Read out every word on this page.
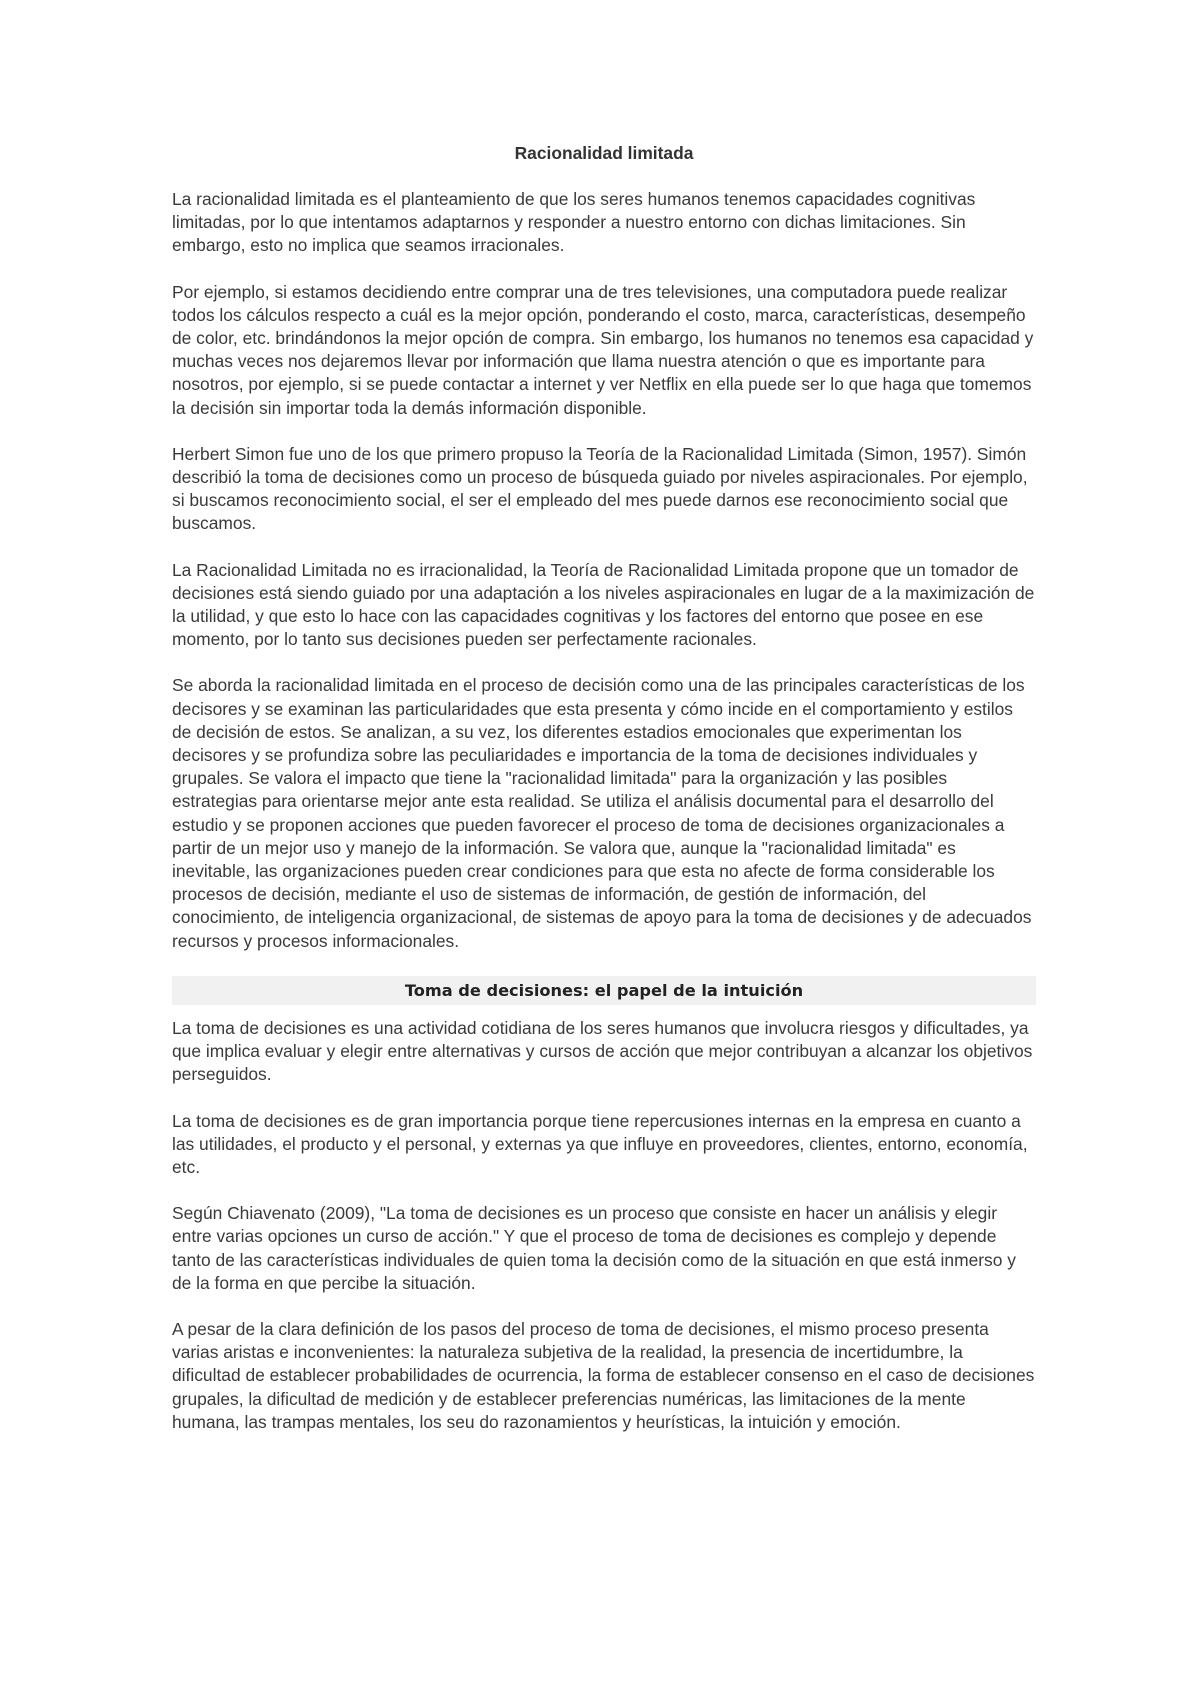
Racionalidad limitada

La racionalidad limitada es el planteamiento de que los seres humanos tenemos capacidades cognitivas limitadas, por lo que intentamos adaptarnos y responder a nuestro entorno con dichas limitaciones. Sin embargo, esto no implica que seamos irracionales.

Por ejemplo, si estamos decidiendo entre comprar una de tres televisiones, una computadora puede realizar todos los cálculos respecto a cuál es la mejor opción, ponderando el costo, marca, características, desempeño de color, etc. brindándonos la mejor opción de compra. Sin embargo, los humanos no tenemos esa capacidad y muchas veces nos dejaremos llevar por información que llama nuestra atención o que es importante para nosotros, por ejemplo, si se puede contactar a internet y ver Netflix en ella puede ser lo que haga que tomemos la decisión sin importar toda la demás información disponible.

Herbert Simon fue uno de los que primero propuso la Teoría de la Racionalidad Limitada (Simon, 1957). Simón describió la toma de decisiones como un proceso de búsqueda guiado por niveles aspiracionales. Por ejemplo, si buscamos reconocimiento social, el ser el empleado del mes puede darnos ese reconocimiento social que buscamos.

La Racionalidad Limitada no es irracionalidad, la Teoría de Racionalidad Limitada propone que un tomador de decisiones está siendo guiado por una adaptación a los niveles aspiracionales en lugar de a la maximización de la utilidad, y que esto lo hace con las capacidades cognitivas y los factores del entorno que posee en ese momento, por lo tanto sus decisiones pueden ser perfectamente racionales.

Se aborda la racionalidad limitada en el proceso de decisión como una de las principales características de los decisores y se examinan las particularidades que esta presenta y cómo incide en el comportamiento y estilos de decisión de estos. Se analizan, a su vez, los diferentes estadios emocionales que experimentan los decisores y se profundiza sobre las peculiaridades e importancia de la toma de decisiones individuales y grupales. Se valora el impacto que tiene la "racionalidad limitada" para la organización y las posibles estrategias para orientarse mejor ante esta realidad. Se utiliza el análisis documental para el desarrollo del estudio y se proponen acciones que pueden favorecer el proceso de toma de decisiones organizacionales a partir de un mejor uso y manejo de la información. Se valora que, aunque la "racionalidad limitada" es inevitable, las organizaciones pueden crear condiciones para que esta no afecte de forma considerable los procesos de decisión, mediante el uso de sistemas de información, de gestión de información, del conocimiento, de inteligencia organizacional, de sistemas de apoyo para la toma de decisiones y de adecuados recursos y procesos informacionales.

Toma de decisiones: el papel de la intuición

La toma de decisiones es una actividad cotidiana de los seres humanos que involucra riesgos y dificultades, ya que implica evaluar y elegir entre alternativas y cursos de acción que mejor contribuyan a alcanzar los objetivos perseguidos.

La toma de decisiones es de gran importancia porque tiene repercusiones internas en la empresa en cuanto a las utilidades, el producto y el personal, y externas ya que influye en proveedores, clientes, entorno, economía, etc.

Según Chiavenato (2009), "La toma de decisiones es un proceso que consiste en hacer un análisis y elegir entre varias opciones un curso de acción." Y que el proceso de toma de decisiones es complejo y depende tanto de las características individuales de quien toma la decisión como de la situación en que está inmerso y de la forma en que percibe la situación.

A pesar de la clara definición de los pasos del proceso de toma de decisiones, el mismo proceso presenta varias aristas e inconvenientes: la naturaleza subjetiva de la realidad, la presencia de incertidumbre, la dificultad de establecer probabilidades de ocurrencia, la forma de establecer consenso en el caso de decisiones grupales, la dificultad de medición y de establecer preferencias numéricas, las limitaciones de la mente humana, las trampas mentales, los seu do razonamientos y heurísticas, la intuición y emoción.
